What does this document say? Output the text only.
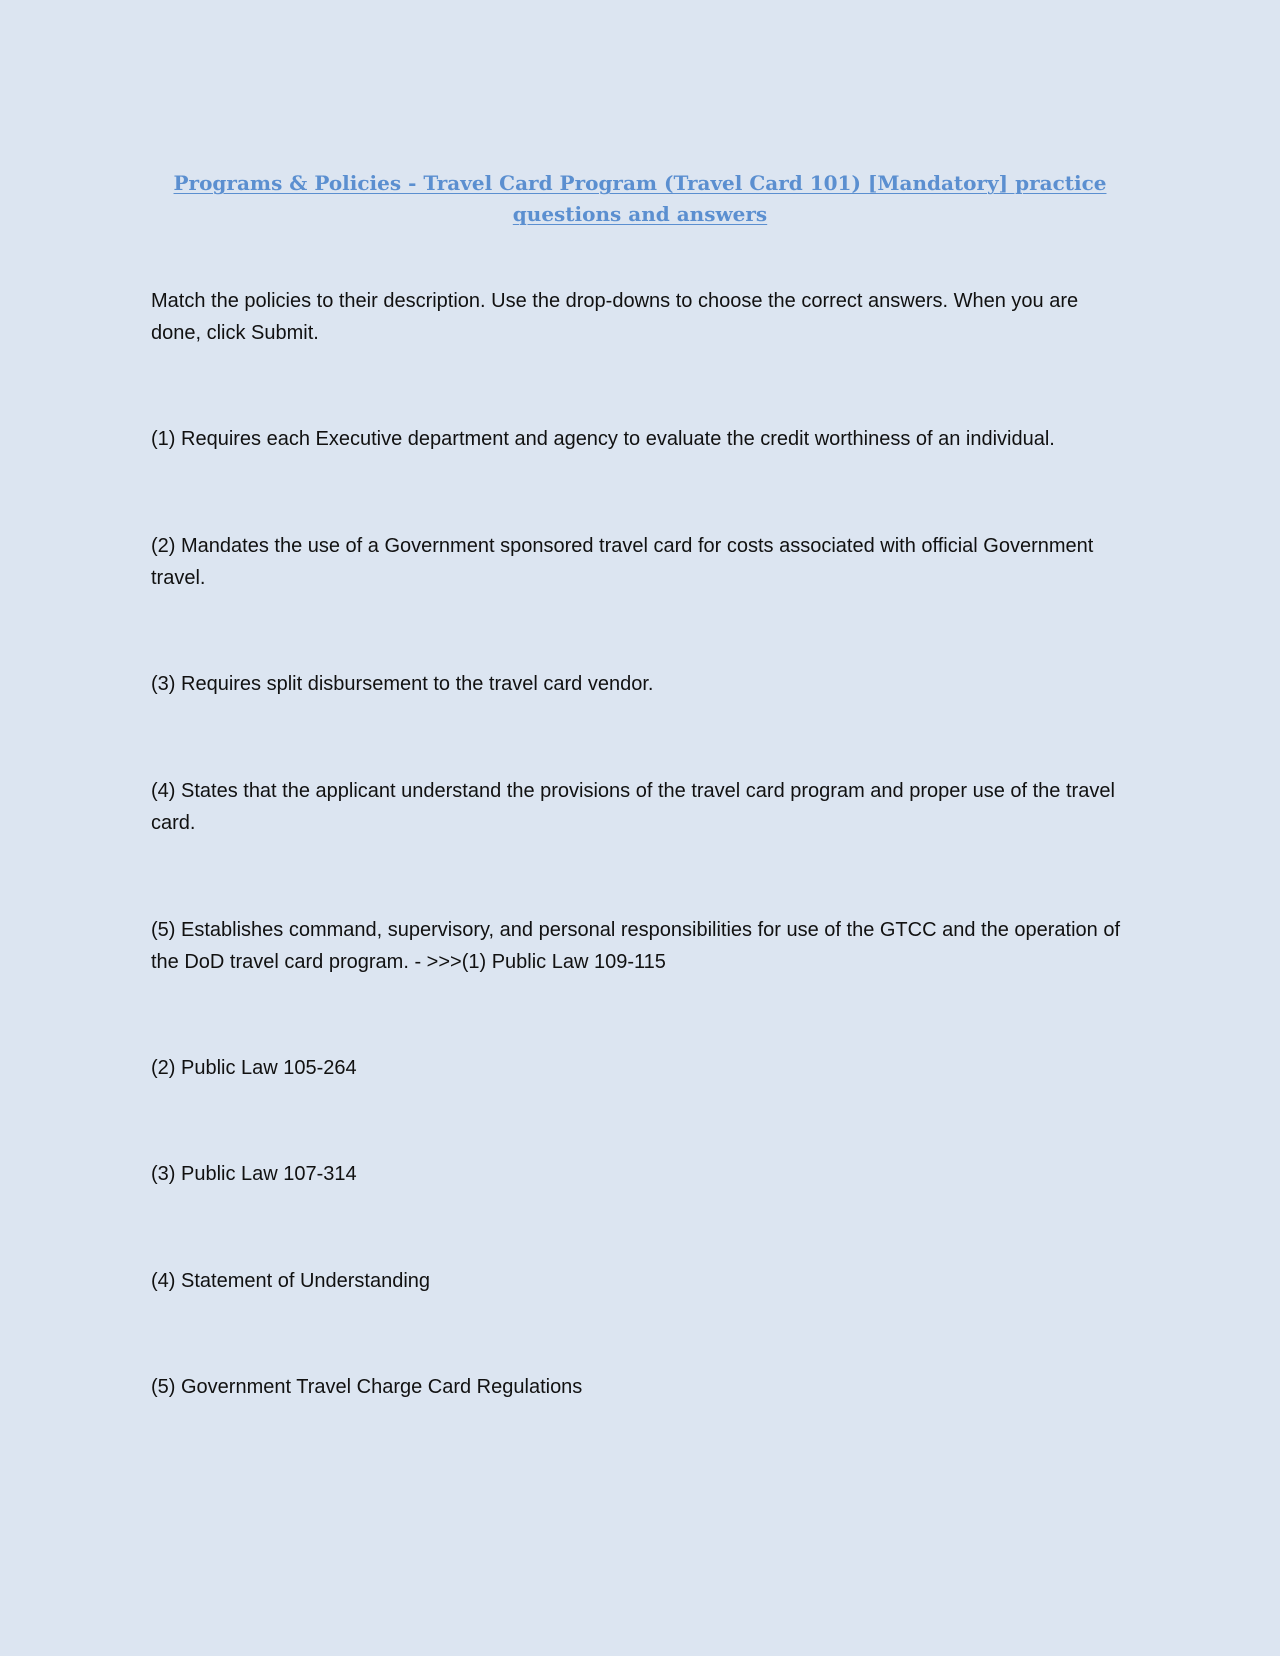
Programs & Policies - Travel Card Program (Travel Card 101) [Mandatory] practice questions and answers

Match the policies to their description. Use the drop-downs to choose the correct answers. When you are done, click Submit.

(1) Requires each Executive department and agency to evaluate the credit worthiness of an individual.

(2) Mandates the use of a Government sponsored travel card for costs associated with official Government travel.

(3) Requires split disbursement to the travel card vendor.

(4) States that the applicant understand the provisions of the travel card program and proper use of the travel card.

(5) Establishes command, supervisory, and personal responsibilities for use of the GTCC and the operation of the DoD travel card program. - >>>(1) Public Law 109-115

(2) Public Law 105-264

(3) Public Law 107-314

(4) Statement of Understanding

(5) Government Travel Charge Card Regulations
